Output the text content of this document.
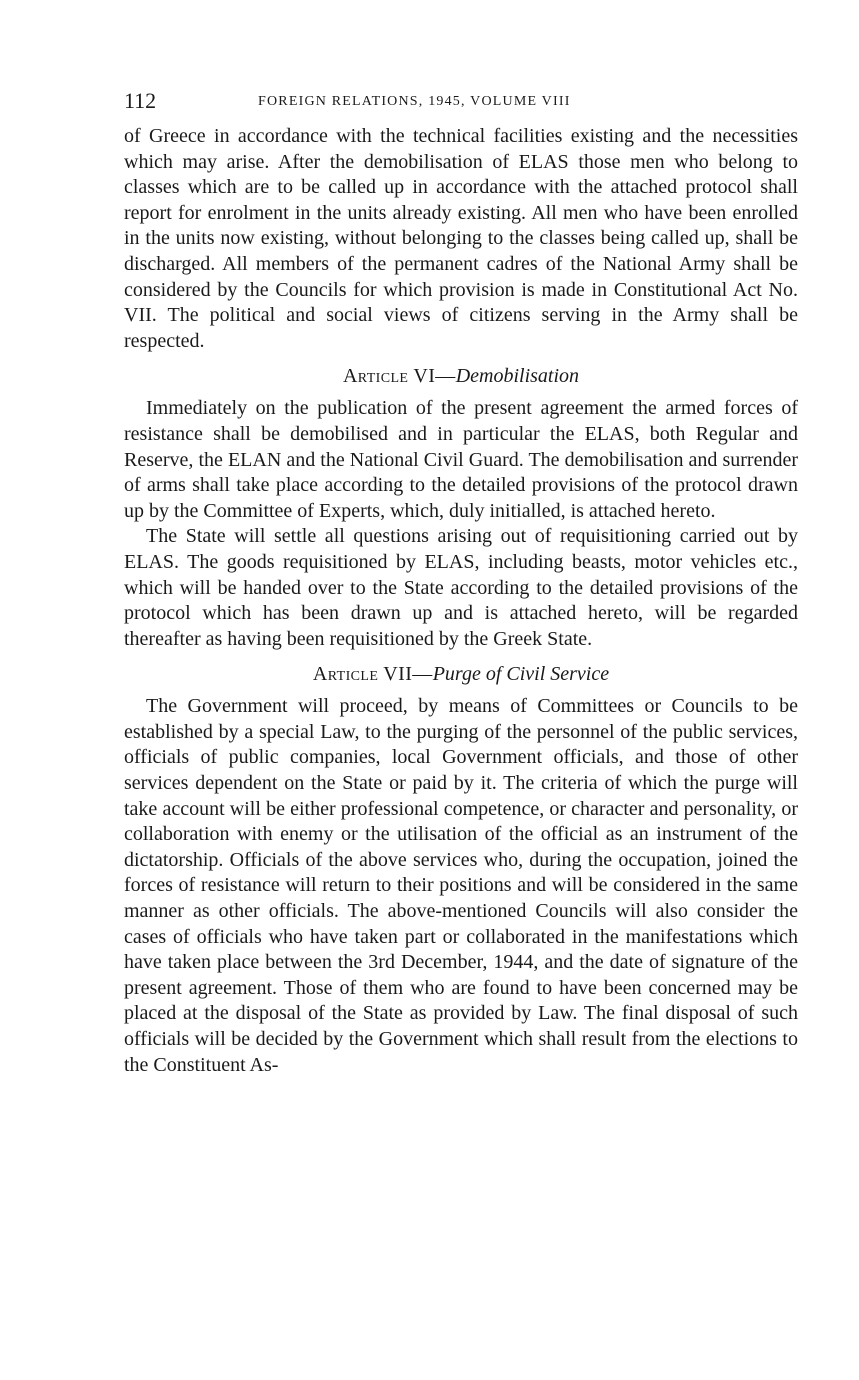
112	FOREIGN RELATIONS, 1945, VOLUME VIII

of Greece in accordance with the technical facilities existing and the necessities which may arise. After the demobilisation of ELAS those men who belong to classes which are to be called up in accordance with the attached protocol shall report for enrolment in the units already existing. All men who have been enrolled in the units now existing, without belonging to the classes being called up, shall be discharged. All members of the permanent cadres of the National Army shall be considered by the Councils for which provision is made in Constitutional Act No. VII. The political and social views of citizens serving in the Army shall be respected.

Article VI—Demobilisation

Immediately on the publication of the present agreement the armed forces of resistance shall be demobilised and in particular the ELAS, both Regular and Reserve, the ELAN and the National Civil Guard. The demobilisation and surrender of arms shall take place according to the detailed provisions of the protocol drawn up by the Committee of Experts, which, duly initialled, is attached hereto.

The State will settle all questions arising out of requisitioning carried out by ELAS. The goods requisitioned by ELAS, including beasts, motor vehicles etc., which will be handed over to the State according to the detailed provisions of the protocol which has been drawn up and is attached hereto, will be regarded thereafter as having been requisitioned by the Greek State.

Article VII—Purge of Civil Service

The Government will proceed, by means of Committees or Councils to be established by a special Law, to the purging of the personnel of the public services, officials of public companies, local Government officials, and those of other services dependent on the State or paid by it. The criteria of which the purge will take account will be either professional competence, or character and personality, or collaboration with enemy or the utilisation of the official as an instrument of the dictatorship. Officials of the above services who, during the occupation, joined the forces of resistance will return to their positions and will be considered in the same manner as other officials. The above-mentioned Councils will also consider the cases of officials who have taken part or collaborated in the manifestations which have taken place between the 3rd December, 1944, and the date of signature of the present agreement. Those of them who are found to have been concerned may be placed at the disposal of the State as provided by Law. The final disposal of such officials will be decided by the Government which shall result from the elections to the Constituent As-
